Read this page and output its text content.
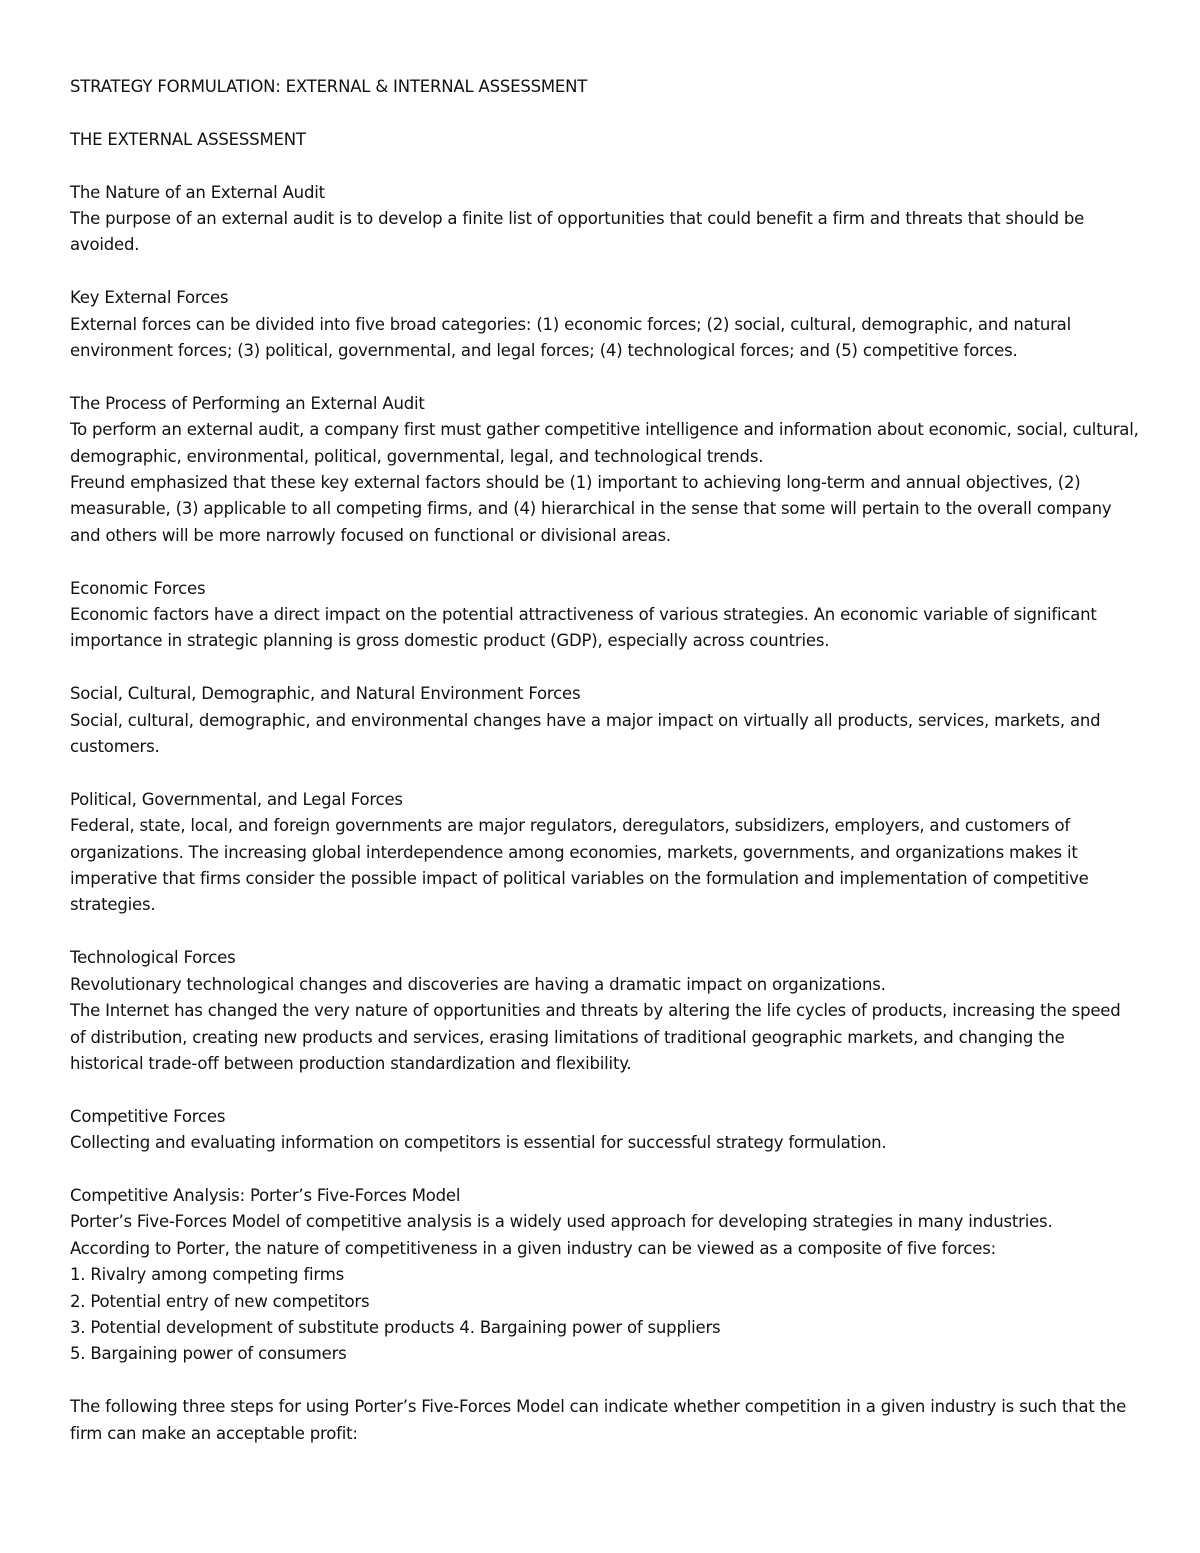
STRATEGY FORMULATION: EXTERNAL & INTERNAL ASSESSMENT

THE EXTERNAL ASSESSMENT

The Nature of an External Audit

The purpose of an external audit is to develop a finite list of opportunities that could benefit a firm and threats that should be avoided.

Key External Forces

External forces can be divided into five broad categories: (1) economic forces; (2) social, cultural, demographic, and natural environment forces; (3) political, governmental, and legal forces; (4) technological forces; and (5) competitive forces.

The Process of Performing an External Audit

To perform an external audit, a company first must gather competitive intelligence and information about economic, social, cultural, demographic, environmental, political, governmental, legal, and technological trends.

Freund emphasized that these key external factors should be (1) important to achieving long-term and annual objectives, (2) measurable, (3) applicable to all competing firms, and (4) hierarchical in the sense that some will pertain to the overall company and others will be more narrowly focused on functional or divisional areas.

Economic Forces

Economic factors have a direct impact on the potential attractiveness of various strategies. An economic variable of significant importance in strategic planning is gross domestic product (GDP), especially across countries.

Social, Cultural, Demographic, and Natural Environment Forces

Social, cultural, demographic, and environmental changes have a major impact on virtually all products, services, markets, and customers.

Political, Governmental, and Legal Forces

Federal, state, local, and foreign governments are major regulators, deregulators, subsidizers, employers, and customers of organizations. The increasing global interdependence among economies, markets, governments, and organizations makes it imperative that firms consider the possible impact of political variables on the formulation and implementation of competitive strategies.

Technological Forces

Revolutionary technological changes and discoveries are having a dramatic impact on organizations.

The Internet has changed the very nature of opportunities and threats by altering the life cycles of products, increasing the speed of distribution, creating new products and services, erasing limitations of traditional geographic markets, and changing the historical trade-off between production standardization and flexibility.

Competitive Forces

Collecting and evaluating information on competitors is essential for successful strategy formulation.

Competitive Analysis: Porter’s Five-Forces Model

Porter’s Five-Forces Model of competitive analysis is a widely used approach for developing strategies in many industries.

According to Porter, the nature of competitiveness in a given industry can be viewed as a composite of five forces:

1. Rivalry among competing firms

2. Potential entry of new competitors

3. Potential development of substitute products 4. Bargaining power of suppliers

5. Bargaining power of consumers

The following three steps for using Porter’s Five-Forces Model can indicate whether competition in a given industry is such that the firm can make an acceptable profit:
